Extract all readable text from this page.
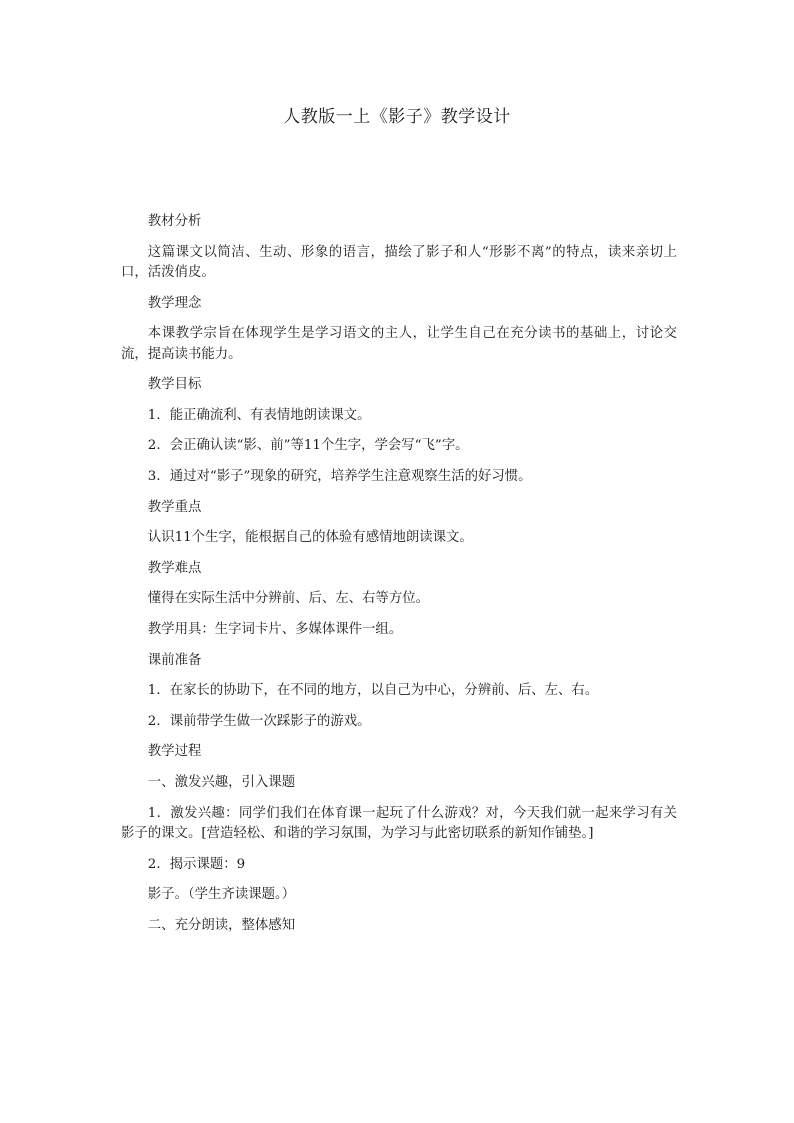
人教版一上《影子》教学设计

教材分析

这篇课文以简洁、生动、形象的语言，描绘了影子和人“形影不离”的特点，读来亲切上口，活泼俏皮。

教学理念

本课教学宗旨在体现学生是学习语文的主人，让学生自己在充分读书的基础上，讨论交流，提高读书能力。

教学目标

1．能正确流利、有表情地朗读课文。

2．会正确认读“影、前”等11个生字，学会写“飞”字。

3．通过对“影子”现象的研究，培养学生注意观察生活的好习惯。

教学重点

认识11个生字，能根据自己的体验有感情地朗读课文。

教学难点

懂得在实际生活中分辨前、后、左、右等方位。

教学用具：生字词卡片、多媒体课件一组。

课前准备

1．在家长的协助下，在不同的地方，以自己为中心，分辨前、后、左、右。

2．课前带学生做一次踩影子的游戏。

教学过程

一、激发兴趣，引入课题

1．激发兴趣：同学们我们在体育课一起玩了什么游戏？对，今天我们就一起来学习有关影子的课文。[营造轻松、和谐的学习氛围，为学习与此密切联系的新知作铺垫。]

2．揭示课题：9

影子。（学生齐读课题。）

二、充分朗读，整体感知
